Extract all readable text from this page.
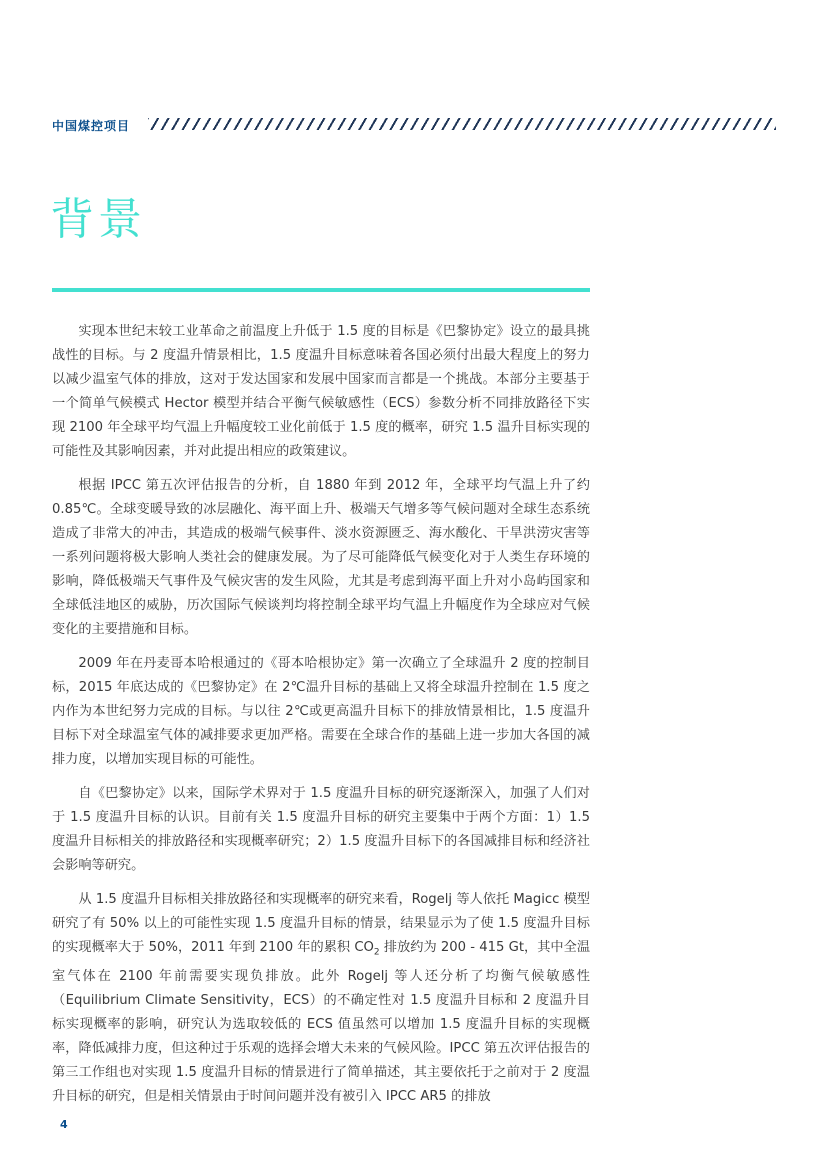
中国煤控项目
背景

实现本世纪末较工业革命之前温度上升低于 1.5 度的目标是《巴黎协定》设立的最具挑战性的目标。与 2 度温升情景相比，1.5 度温升目标意味着各国必须付出最大程度上的努力以减少温室气体的排放，这对于发达国家和发展中国家而言都是一个挑战。本部分主要基于一个简单气候模式 Hector 模型并结合平衡气候敏感性（ECS）参数分析不同排放路径下实现 2100 年全球平均气温上升幅度较工业化前低于 1.5 度的概率，研究 1.5 温升目标实现的可能性及其影响因素，并对此提出相应的政策建议。

根据 IPCC 第五次评估报告的分析，自 1880 年到 2012 年，全球平均气温上升了约 0.85℃。全球变暖导致的冰层融化、海平面上升、极端天气增多等气候问题对全球生态系统造成了非常大的冲击，其造成的极端气候事件、淡水资源匮乏、海水酸化、干旱洪涝灾害等一系列问题将极大影响人类社会的健康发展。为了尽可能降低气候变化对于人类生存环境的影响，降低极端天气事件及气候灾害的发生风险，尤其是考虑到海平面上升对小岛屿国家和全球低洼地区的威胁，历次国际气候谈判均将控制全球平均气温上升幅度作为全球应对气候变化的主要措施和目标。

2009 年在丹麦哥本哈根通过的《哥本哈根协定》第一次确立了全球温升 2 度的控制目标，2015 年底达成的《巴黎协定》在 2℃温升目标的基础上又将全球温升控制在 1.5 度之内作为本世纪努力完成的目标。与以往 2℃或更高温升目标下的排放情景相比，1.5 度温升目标下对全球温室气体的减排要求更加严格。需要在全球合作的基础上进一步加大各国的减排力度，以增加实现目标的可能性。

自《巴黎协定》以来，国际学术界对于 1.5 度温升目标的研究逐渐深入，加强了人们对于 1.5 度温升目标的认识。目前有关 1.5 度温升目标的研究主要集中于两个方面：1）1.5 度温升目标相关的排放路径和实现概率研究；2）1.5 度温升目标下的各国减排目标和经济社会影响等研究。

从 1.5 度温升目标相关排放路径和实现概率的研究来看，Rogelj 等人依托 Magicc 模型研究了有 50% 以上的可能性实现 1.5 度温升目标的情景，结果显示为了使 1.5 度温升目标的实现概率大于 50%，2011 年到 2100 年的累积 $CO_2$ 排放约为 200 - 415 Gt，其中全温室气体在 2100 年前需要实现负排放。此外 Rogelj 等人还分析了均衡气候敏感性（Equilibrium Climate Sensitivity，ECS）的不确定性对 1.5 度温升目标和 2 度温升目标实现概率的影响，研究认为选取较低的 ECS 值虽然可以增加 1.5 度温升目标的实现概率，降低减排力度，但这种过于乐观的选择会增大未来的气候风险。IPCC 第五次评估报告的第三工作组也对实现 1.5 度温升目标的情景进行了简单描述，其主要依托于之前对于 2 度温升目标的研究，但是相关情景由于时间问题并没有被引入 IPCC AR5 的排放

4
